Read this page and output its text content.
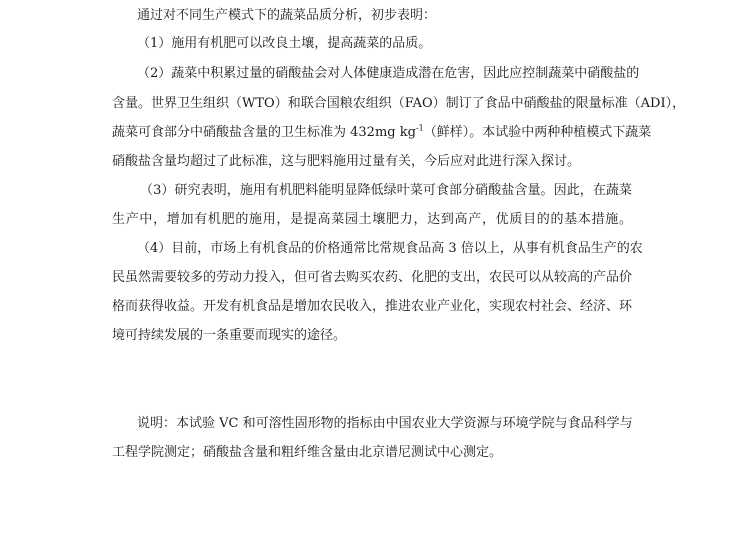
通过对不同生产模式下的蔬菜品质分析，初步表明：
（1）施用有机肥可以改良土壤，提高蔬菜的品质。
（2）蔬菜中积累过量的硝酸盐会对人体健康造成潜在危害，因此应控制蔬菜中硝酸盐的
含量。世界卫生组织（WTO）和联合国粮农组织（FAO）制订了食品中硝酸盐的限量标准（ADI），
蔬菜可食部分中硝酸盐含量的卫生标准为 432mg $kg^{-1}$（鲜样）。本试验中两种种植模式下蔬菜
硝酸盐含量均超过了此标准，这与肥料施用过量有关，今后应对此进行深入探讨。
（3）研究表明，施用有机肥料能明显降低绿叶菜可食部分硝酸盐含量。因此，在蔬菜
生产中，增加有机肥的施用，是提高菜园土壤肥力，达到高产，优质目的的基本措施。
（4）目前，市场上有机食品的价格通常比常规食品高 3 倍以上，从事有机食品生产的农
民虽然需要较多的劳动力投入，但可省去购买农药、化肥的支出，农民可以从较高的产品价
格而获得收益。开发有机食品是增加农民收入，推进农业产业化，实现农村社会、经济、环
境可持续发展的一条重要而现实的途径。
说明：本试验 VC 和可溶性固形物的指标由中国农业大学资源与环境学院与食品科学与
工程学院测定；硝酸盐含量和粗纤维含量由北京谱尼测试中心测定。
